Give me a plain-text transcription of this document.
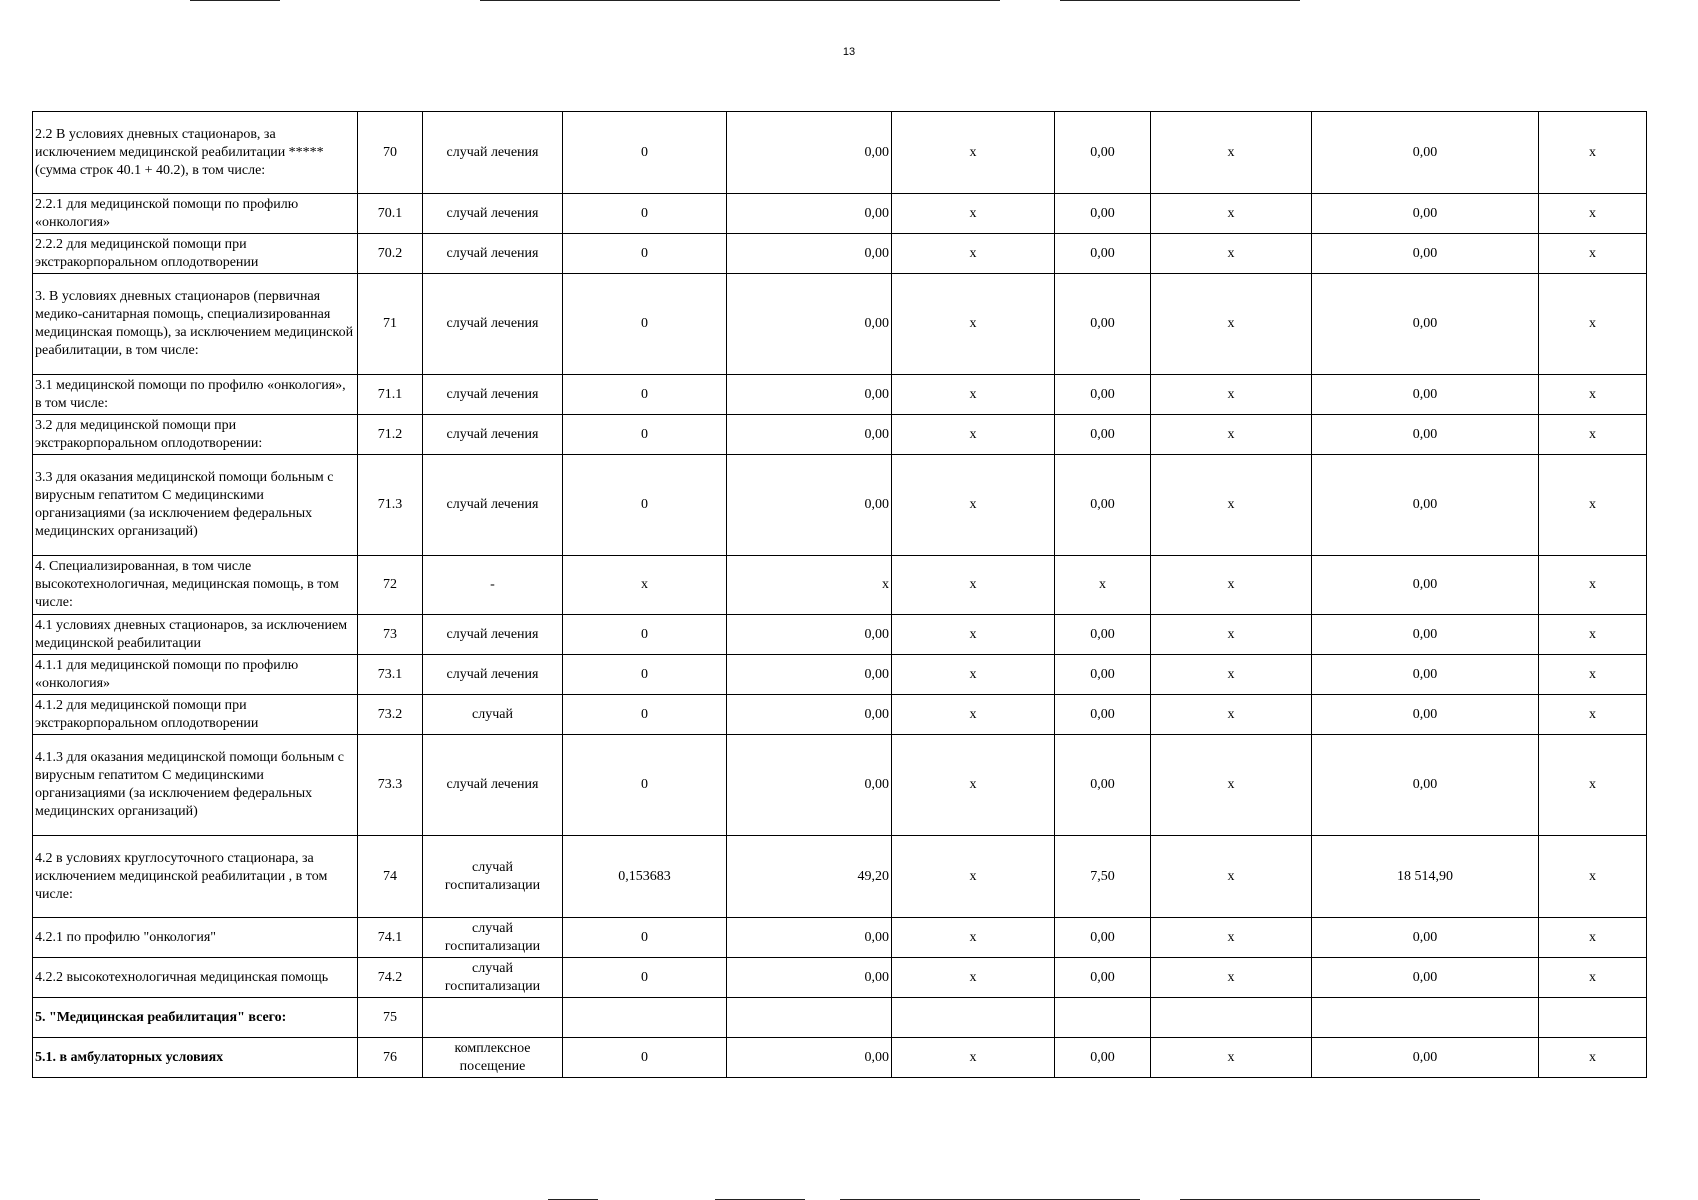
13
2.2 В условиях дневных стационаров, за исключением медицинской реабилитации ***** (сумма строк 40.1 + 40.2), в том числе:	70	случай лечения	0	0,00	x	0,00	x	0,00	x
2.2.1 для медицинской помощи по профилю «онкология»	70.1	случай лечения	0	0,00	x	0,00	x	0,00	x
2.2.2 для медицинской помощи при экстракорпоральном оплодотворении	70.2	случай лечения	0	0,00	x	0,00	x	0,00	x
3. В условиях дневных стационаров (первичная медико-санитарная помощь, специализированная медицинская помощь), за исключением медицинской реабилитации, в том числе:	71	случай лечения	0	0,00	x	0,00	x	0,00	x
3.1 медицинской помощи по профилю «онкология», в том числе:	71.1	случай лечения	0	0,00	x	0,00	x	0,00	x
3.2 для медицинской помощи при экстракорпоральном оплодотворении:	71.2	случай лечения	0	0,00	x	0,00	x	0,00	x
3.3 для оказания медицинской помощи больным с вирусным гепатитом С медицинскими организациями (за исключением федеральных медицинских организаций)	71.3	случай лечения	0	0,00	x	0,00	x	0,00	x
4. Специализированная, в том числе высокотехнологичная, медицинская помощь, в том числе:	72	-	x	x	x	x	x	0,00	x
4.1 условиях дневных стационаров, за исключением медицинской реабилитации	73	случай лечения	0	0,00	x	0,00	x	0,00	x
4.1.1 для медицинской помощи по профилю «онкология»	73.1	случай лечения	0	0,00	x	0,00	x	0,00	x
4.1.2 для медицинской помощи при экстракорпоральном оплодотворении	73.2	случай	0	0,00	x	0,00	x	0,00	x
4.1.3 для оказания медицинской помощи больным с вирусным гепатитом С медицинскими организациями (за исключением федеральных медицинских организаций)	73.3	случай лечения	0	0,00	x	0,00	x	0,00	x
4.2 в условиях круглосуточного стационара, за исключением медицинской реабилитации , в том числе:	74	случай госпитализации	0,153683	49,20	x	7,50	x	18 514,90	x
4.2.1 по профилю "онкология"	74.1	случай госпитализации	0	0,00	x	0,00	x	0,00	x
4.2.2 высокотехнологичная медицинская помощь	74.2	случай госпитализации	0	0,00	x	0,00	x	0,00	x
5. "Медицинская реабилитация" всего:	75								
5.1. в амбулаторных условиях	76	комплексное посещение	0	0,00	x	0,00	x	0,00	x
